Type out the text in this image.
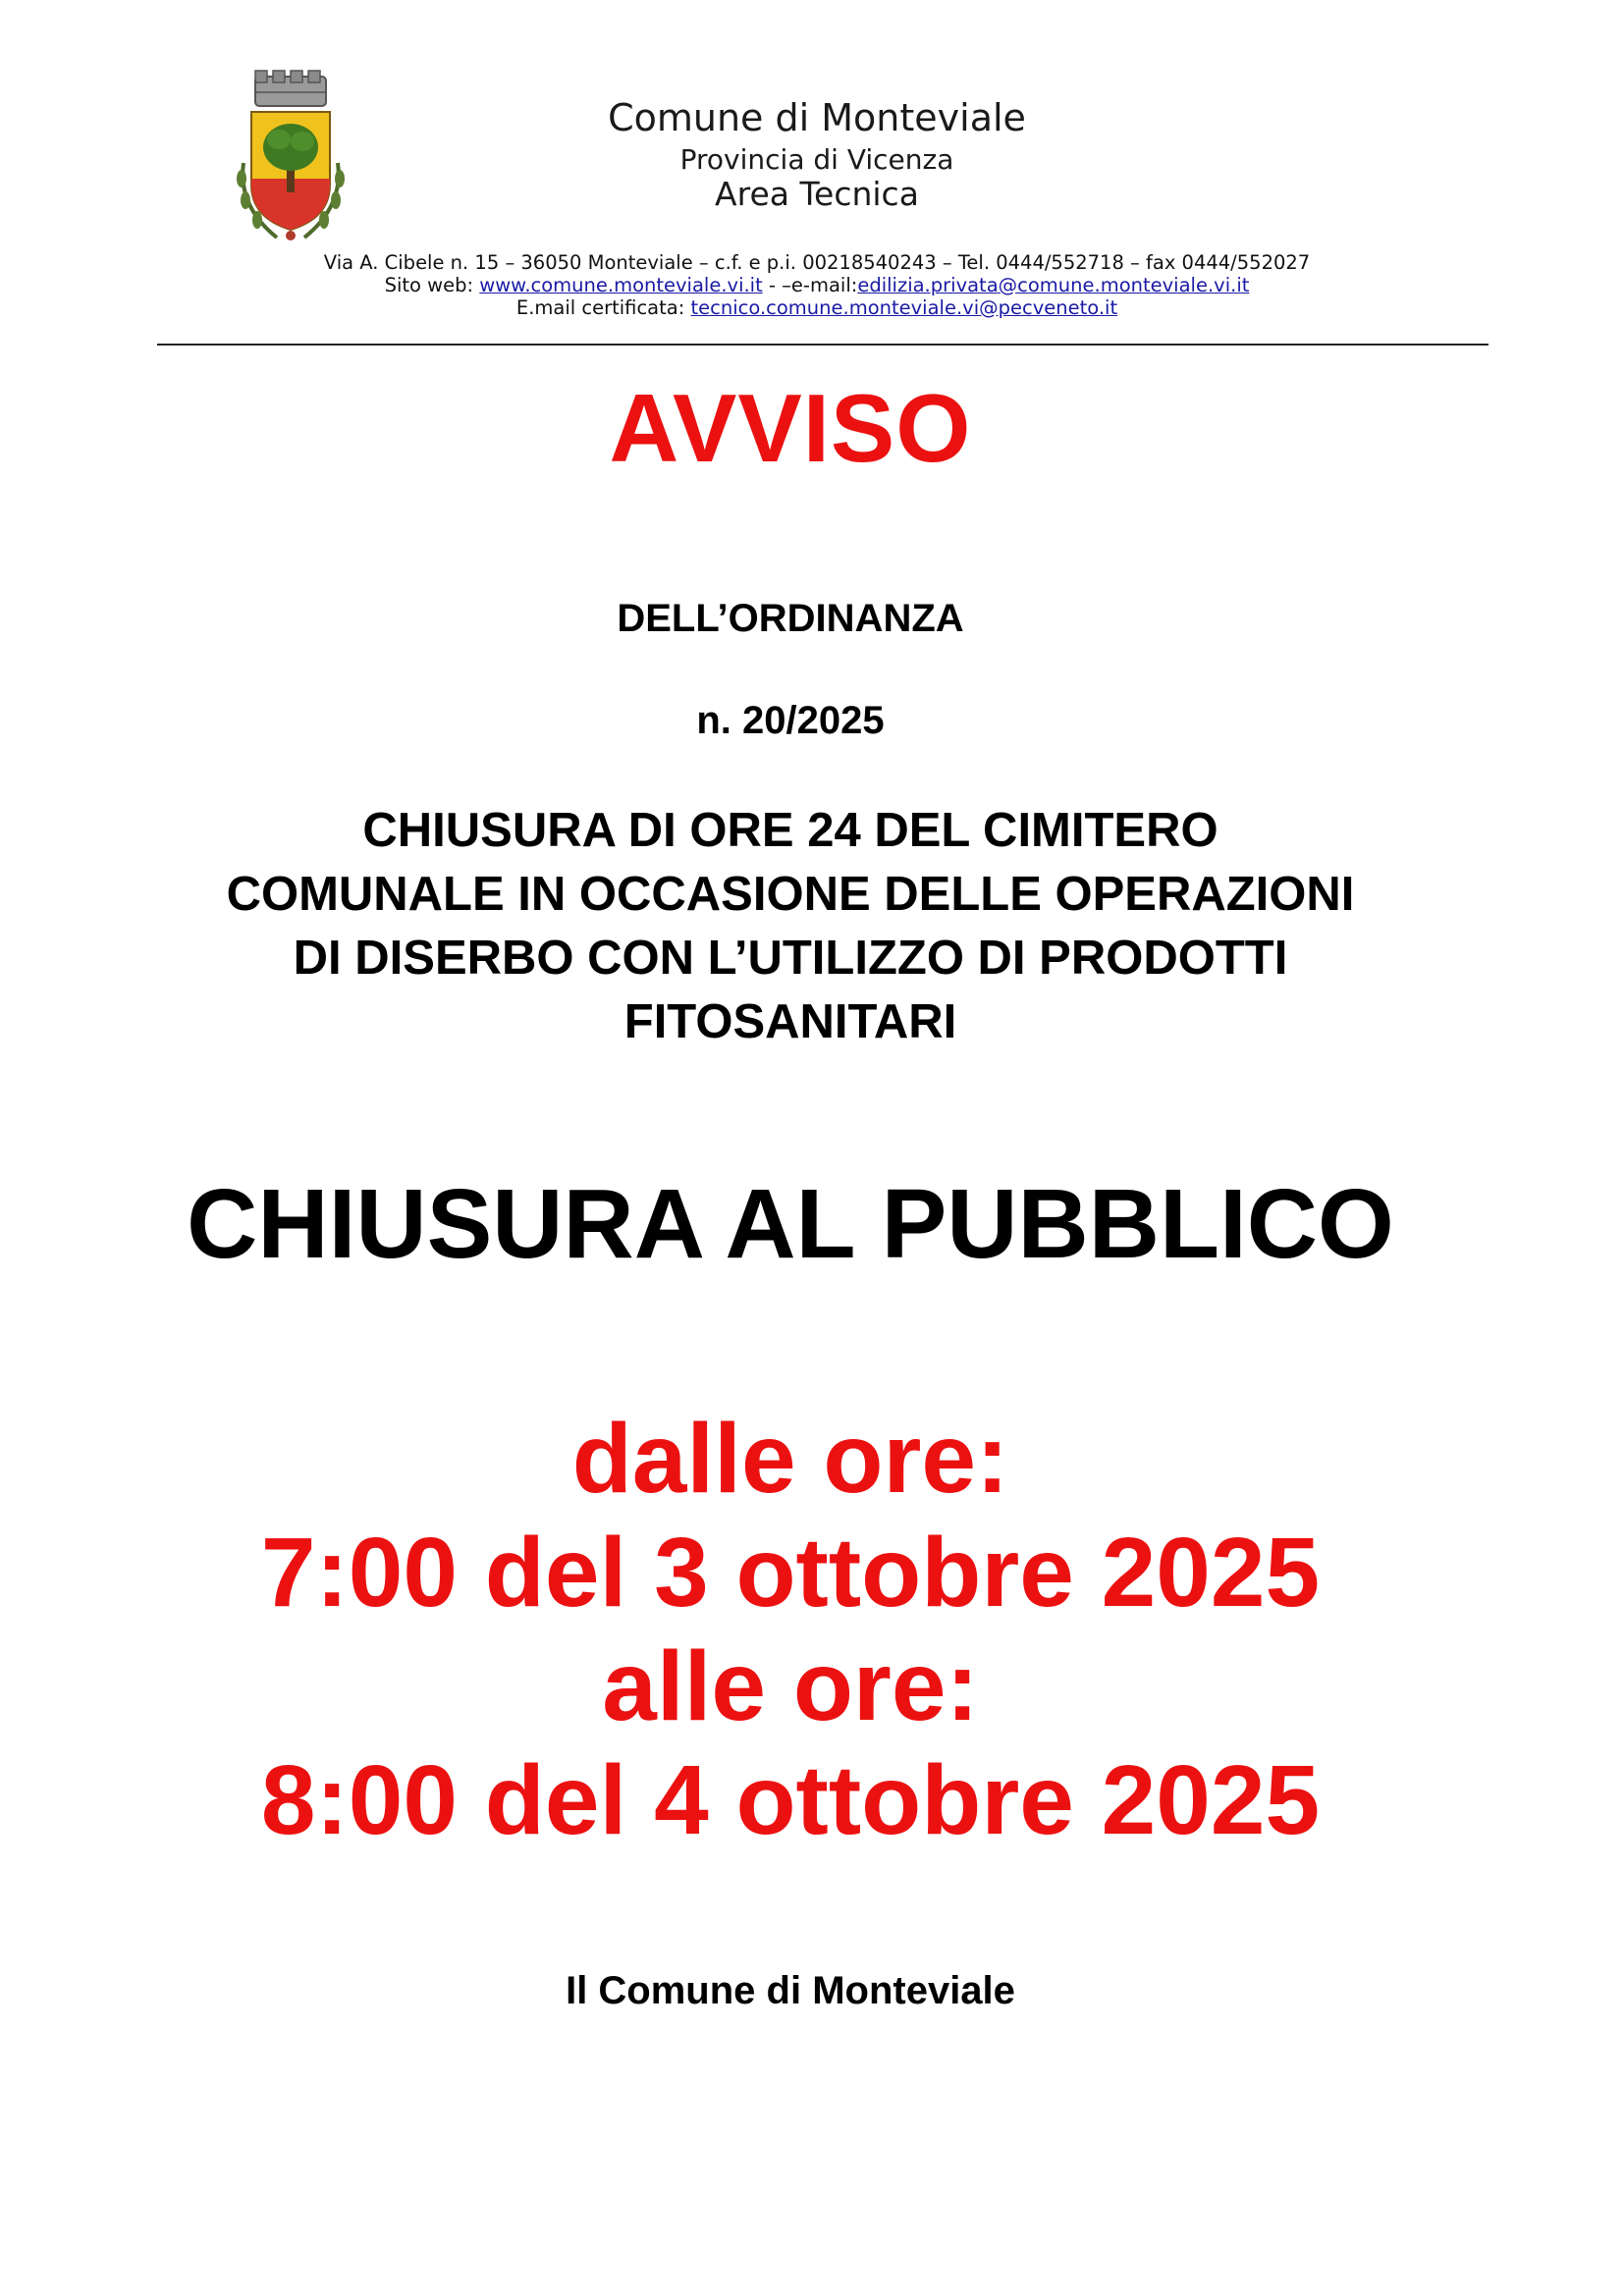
Comune di Monteviale
Provincia di Vicenza
Area Tecnica
Via A. Cibele n. 15 – 36050 Monteviale – c.f. e p.i. 00218540243 – Tel. 0444/552718 – fax 0444/552027
Sito web: www.comune.monteviale.vi.it - –e-mail:edilizia.privata@comune.monteviale.vi.it
E.mail certificata: tecnico.comune.monteviale.vi@pecveneto.it
AVVISO
DELL’ORDINANZA
n. 20/2025
CHIUSURA DI ORE 24 DEL CIMITERO
COMUNALE IN OCCASIONE DELLE OPERAZIONI
DI DISERBO CON L’UTILIZZO DI PRODOTTI
FITOSANITARI
CHIUSURA AL PUBBLICO
dalle ore:
7:00 del 3 ottobre 2025
alle ore:
8:00 del 4 ottobre 2025
Il Comune di Monteviale
